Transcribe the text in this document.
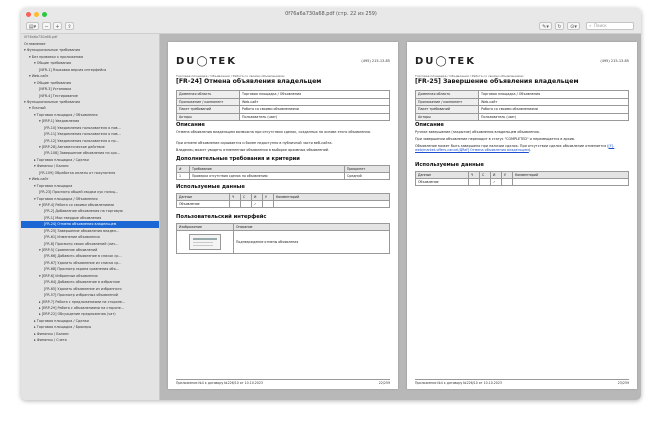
0f76a6a730a68.pdf (стр. 22 из 259)
▤▾	−	+	⇪	✎▾	↻	⊙▾	⌕ Поиск
0f76a6a730a68.pdf
Оглавление
▾ Функциональные требования
▾ Без привязки к приложению
▾ Общие требования
[NFR-1] Языковая версия интерфейса
▾ Web-сайт
▾ Общие требования
[NFR-3] Установка
[NFR-4] Тестирование
▾ Функциональные требования
▾ Личный
▾ Торговая площадка / Объявления
▾ [ERP-1] Уведомления
[FR-10] Уведомления пользователя о нов...
[FR-11] Уведомления пользователя о нов...
[FR-12] Уведомления пользователя о пр...
▾ [ERP-28] Автоматическое действие
[FR-108] Завершение объявления по сро...
▸ Торговая площадка / Сделки
▾ Финансы / Баланс
[FR-109] Обработка оплаты от покупателя
▾ Web-сайт
▾ Торговая площадка
[FR-23] Просмотр общей сводки кук позиц...
▾ Торговая площадка / Объявления
▾ [ERP-4] Работа со своими объявлениями
[FR-2] Добавление объявления на торговую
[FR-1] Мои твердые объявления
[FR-24] Отмена объявления владельцем
[FR-25] Завершение объявления владел...
[FR-61] Изменение объявления
[FR-8] Просмотр своих объявлений (лич...
▾ [ERP-5] Сравнение объявлений
[FR-66] Добавить объявление в список ср...
[FR-67] Удалить объявление из списка ср...
[FR-68] Просмотр экрана сравнения объ...
▾ [ERP-6] Избранные объявления
[FR-64] Добавить объявление в избранное
[FR-65] Удалить объявление из избранного
[FR-57] Просмотр избранных объявлений
▸ [ERP-7] Работа с предложениями на стороне...
▸ [ERP-29] Работа с объявлениями на стороне...
▸ [ERP-22] Обсуждение предложения (чат)
▸ Торговая площадка / Сделки
▸ Торговая площадка / Брокеры
▸ Финансы / Баланс
▸ Финансы / Счета
DU◯TEK	(495) 215-13-85
Торговая площадка / Объявления / Работа со своими объявлениями
[FR-24] Отмена объявления владельцем
Доменная область	Торговая площадка / Объявления
Приложение / компонент	Web-сайт
Пакет требований	Работа со своими объявлениями
Акторы	Пользователь (user)
Описание
Отмена объявления владельцем возможна при отсутствии сделок, созданных на основе этого объявления.
При отмене объявление скрывается и более недоступно в публичной части веб-сайта.
Владелец может увидеть отмененные объявления в выборке архивных объявлений.
Дополнительные требования и критерии
#	Требование	Приоритет
1	Проверка отсутствия сделок по объявлению	Средний
Используемые данные
Данные	Ч	С	И	У	Комментарий
Объявление			✓		
Пользовательский интерфейс
Изображение	Описание

	Подтверждение отмены объявления
Приложение №4 к договору №226/10 от 10.10.2023	22/259
DU◯TEK	(495) 215-13-85
Торговая площадка / Объявления / Работа со своими объявлениями
[FR-25] Завершение объявления владельцем
Доменная область	Торговая площадка / Объявления
Приложение / компонент	Web-сайт
Пакет требований	Работа со своими объявлениями
Акторы	Пользователь (user)
Описание
Ручное завершение (закрытие) объявления владельцем объявления.
При завершении объявление переходит в статус "COMPLETED" и перемещается в архив.
Объявление может быть завершено при наличии сделок. При отсутствии сделок объявление отменяется ([F]-web/market-offers-cancel/ДRef] Отмена объявления владельцем).
Используемые данные
Данные	Ч	С	И	У	Комментарий
Объявление			✓		
Приложение №4 к договору №226/10 от 10.10.2023	23/259
